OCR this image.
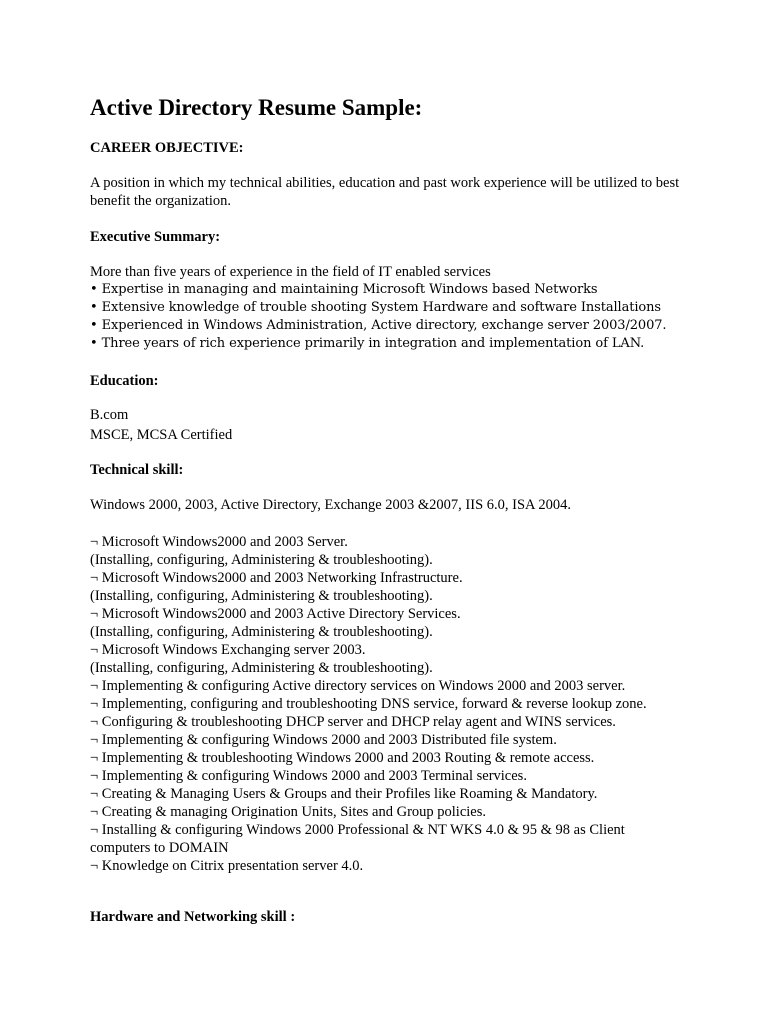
Active Directory Resume Sample:
CAREER OBJECTIVE:

A position in which my technical abilities, education and past work experience will be utilized to best benefit the organization.

Executive Summary:
More than five years of experience in the field of IT enabled services
• Expertise in managing and maintaining Microsoft Windows based Networks
• Extensive knowledge of trouble shooting System Hardware and software Installations
• Experienced in Windows Administration, Active directory, exchange server 2003/2007.
• Three years of rich experience primarily in integration and implementation of LAN.
Education:
B.com
MSCE, MCSA Certified
Technical skill:
Windows 2000, 2003, Active Directory, Exchange 2003 &2007, IIS 6.0, ISA 2004.
¬ Microsoft Windows2000 and 2003 Server.
(Installing, configuring, Administering & troubleshooting).
¬ Microsoft Windows2000 and 2003 Networking Infrastructure.
(Installing, configuring, Administering & troubleshooting).
¬ Microsoft Windows2000 and 2003 Active Directory Services.
(Installing, configuring, Administering & troubleshooting).
¬ Microsoft Windows Exchanging server 2003.
(Installing, configuring, Administering & troubleshooting).
¬ Implementing & configuring Active directory services on Windows 2000 and 2003 server.
¬ Implementing, configuring and troubleshooting DNS service, forward & reverse lookup zone.
¬ Configuring & troubleshooting DHCP server and DHCP relay agent and WINS services.
¬ Implementing & configuring Windows 2000 and 2003 Distributed file system.
¬ Implementing & troubleshooting Windows 2000 and 2003 Routing & remote access.
¬ Implementing & configuring Windows 2000 and 2003 Terminal services.
¬ Creating & Managing Users & Groups and their Profiles like Roaming & Mandatory.
¬ Creating & managing Origination Units, Sites and Group policies.
¬ Installing & configuring Windows 2000 Professional & NT WKS 4.0 & 95 & 98 as Client computers to DOMAIN
¬ Knowledge on Citrix presentation server 4.0.
Hardware and Networking skill :
